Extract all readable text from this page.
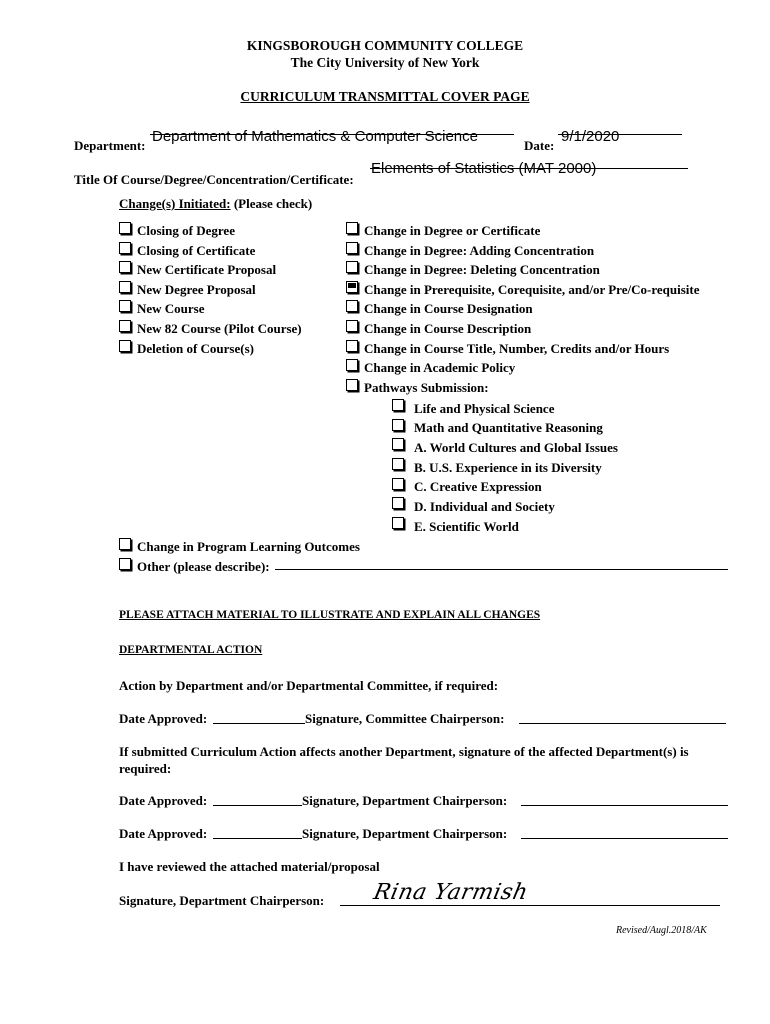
KINGSBOROUGH COMMUNITY COLLEGE
The City University of New York
CURRICULUM TRANSMITTAL COVER PAGE
Department:
Department of Mathematics & Computer Science
Date:
9/1/2020
Title Of Course/Degree/Concentration/Certificate:
Elements of Statistics (MAT 2000)
Change(s) Initiated: (Please check)
Closing of Degree
Closing of Certificate
New Certificate Proposal
New Degree Proposal
New Course
New 82 Course (Pilot Course)
Deletion of Course(s)
Change in Degree or Certificate
Change in Degree: Adding Concentration
Change in Degree: Deleting Concentration
Change in Prerequisite, Corequisite, and/or Pre/Co-requisite
Change in Course Designation
Change in Course Description
Change in Course Title, Number, Credits and/or Hours
Change in Academic Policy
Pathways Submission:
Life and Physical Science
Math and Quantitative Reasoning
A. World Cultures and Global Issues
B. U.S. Experience in its Diversity
C. Creative Expression
D. Individual and Society
E. Scientific World
Change in Program Learning Outcomes
Other (please describe):
PLEASE ATTACH MATERIAL TO ILLUSTRATE AND EXPLAIN ALL CHANGES
DEPARTMENTAL ACTION
Action by Department and/or Departmental Committee, if required:
Date Approved:	Signature, Committee Chairperson:
If submitted Curriculum Action affects another Department, signature of the affected Department(s) is required:
Date Approved:	Signature, Department Chairperson:
Date Approved:	Signature, Department Chairperson:
I have reviewed the attached material/proposal
Signature, Department Chairperson: Rina Yarmish
Revised/Augl.2018/AK
